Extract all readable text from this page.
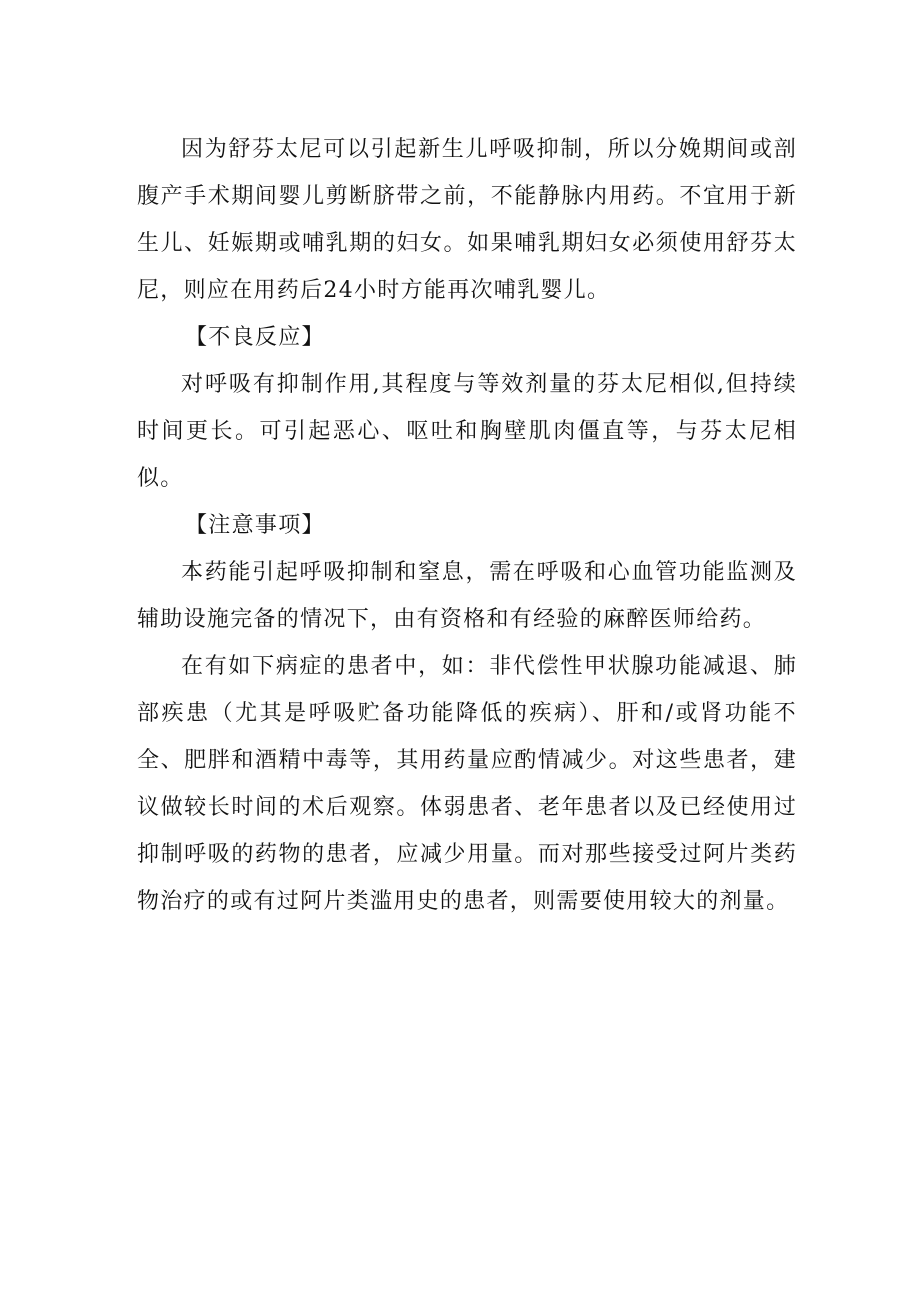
因为舒芬太尼可以引起新生儿呼吸抑制，所以分娩期间或剖腹产手术期间婴儿剪断脐带之前，不能静脉内用药。不宜用于新生儿、妊娠期或哺乳期的妇女。如果哺乳期妇女必须使用舒芬太尼，则应在用药后24小时方能再次哺乳婴儿。

【不良反应】

对呼吸有抑制作用,其程度与等效剂量的芬太尼相似,但持续时间更长。可引起恶心、呕吐和胸壁肌肉僵直等，与芬太尼相似。

【注意事项】

本药能引起呼吸抑制和窒息，需在呼吸和心血管功能监测及辅助设施完备的情况下，由有资格和有经验的麻醉医师给药。

在有如下病症的患者中，如：非代偿性甲状腺功能减退、肺部疾患（尤其是呼吸贮备功能降低的疾病）、肝和/或肾功能不全、肥胖和酒精中毒等，其用药量应酌情减少。对这些患者，建议做较长时间的术后观察。体弱患者、老年患者以及已经使用过抑制呼吸的药物的患者，应减少用量。而对那些接受过阿片类药物治疗的或有过阿片类滥用史的患者，则需要使用较大的剂量。
